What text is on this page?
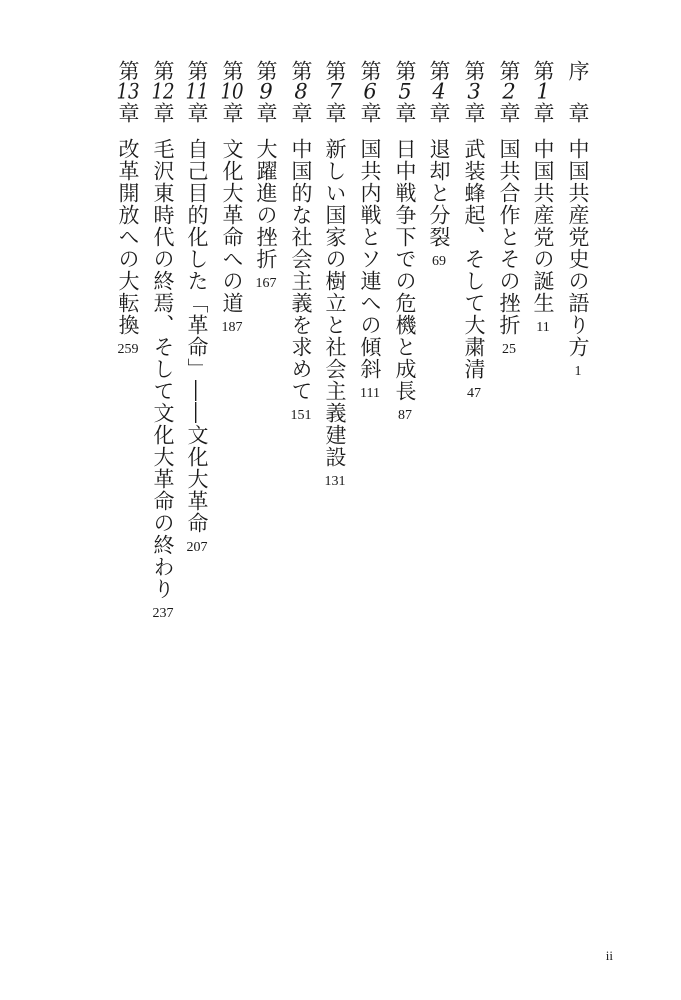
序　章
中国共産党史の語り方
1
第1章
中国共産党の誕生
11
第2章
国共合作とその挫折
25
第3章
武装蜂起、そして大粛清
47
第4章
退却と分裂
69
第5章
日中戦争下での危機と成長
87
第6章
国共内戦とソ連への傾斜
111
第7章
新しい国家の樹立と社会主義建設
131
第8章
中国的な社会主義を求めて
151
第9章
大躍進の挫折
167
第10章
文化大革命への道
187
第11章
自己目的化した「革命」――文化大革命
207
第12章
毛沢東時代の終焉、そして文化大革命の終わり
237
第13章
改革開放への大転換
259
ii
